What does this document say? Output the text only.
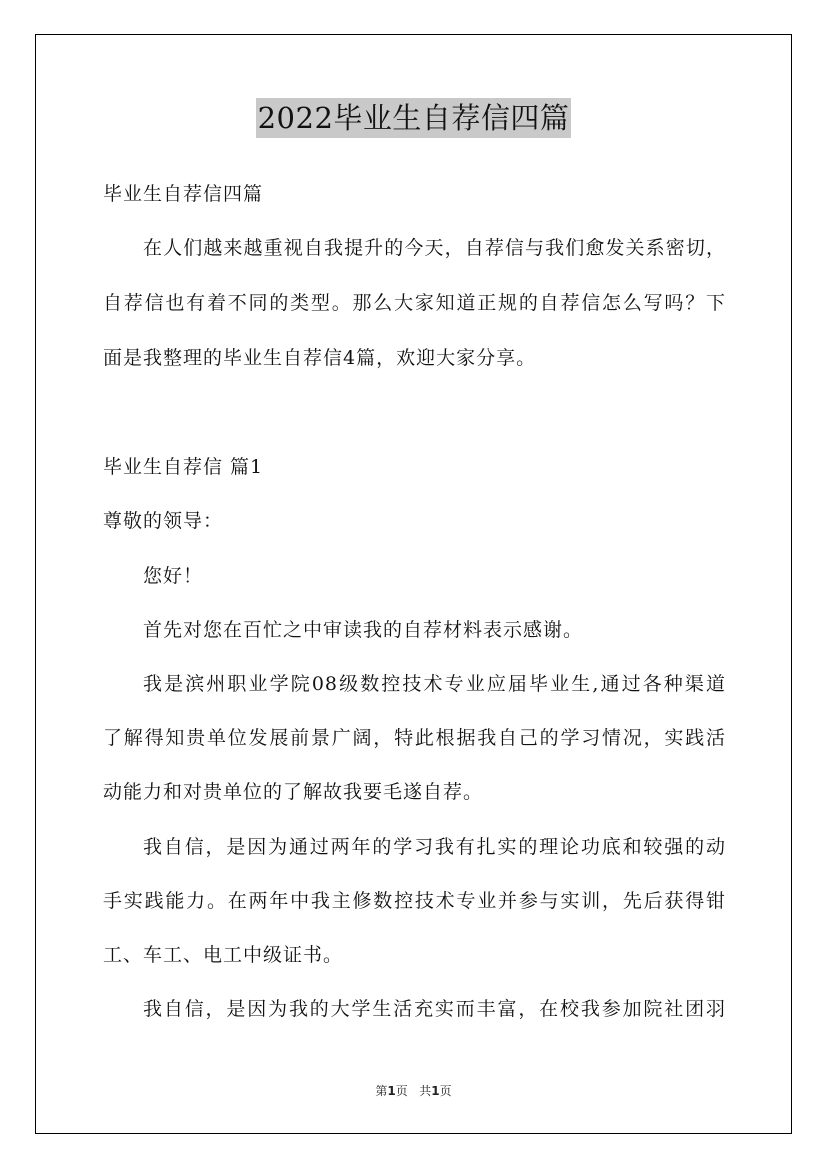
2022毕业生自荐信四篇
毕业生自荐信四篇
在人们越来越重视自我提升的今天，自荐信与我们愈发关系密切，
自荐信也有着不同的类型。那么大家知道正规的自荐信怎么写吗？下
面是我整理的毕业生自荐信4篇，欢迎大家分享。
毕业生自荐信 篇1
尊敬的领导：
您好！
首先对您在百忙之中审读我的自荐材料表示感谢。
我是滨州职业学院08级数控技术专业应届毕业生,通过各种渠道
了解得知贵单位发展前景广阔，特此根据我自己的学习情况，实践活
动能力和对贵单位的了解故我要毛遂自荐。
我自信，是因为通过两年的学习我有扎实的理论功底和较强的动
手实践能力。在两年中我主修数控技术专业并参与实训，先后获得钳
工、车工、电工中级证书。
我自信，是因为我的大学生活充实而丰富，在校我参加院社团羽
第1页 共1页
